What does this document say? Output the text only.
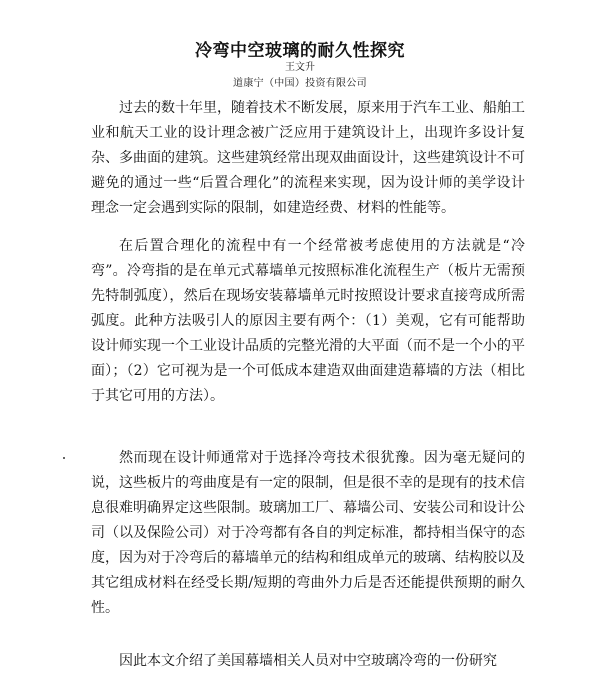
冷弯中空玻璃的耐久性探究
王文升
道康宁（中国）投资有限公司

过去的数十年里，随着技术不断发展，原来用于汽车工业、船舶工业和航天工业的设计理念被广泛应用于建筑设计上，出现许多设计复杂、多曲面的建筑。这些建筑经常出现双曲面设计，这些建筑设计不可避免的通过一些“后置合理化”的流程来实现，因为设计师的美学设计理念一定会遇到实际的限制，如建造经费、材料的性能等。

在后置合理化的流程中有一个经常被考虑使用的方法就是“冷弯”。冷弯指的是在单元式幕墙单元按照标准化流程生产（板片无需预先特制弧度），然后在现场安装幕墙单元时按照设计要求直接弯成所需弧度。此种方法吸引人的原因主要有两个：（1）美观，它有可能帮助设计师实现一个工业设计品质的完整光滑的大平面（而不是一个小的平面）；（2）它可视为是一个可低成本建造双曲面建造幕墙的方法（相比于其它可用的方法）。

然而现在设计师通常对于选择冷弯技术很犹豫。因为毫无疑问的说，这些板片的弯曲度是有一定的限制，但是很不幸的是现有的技术信息很难明确界定这些限制。玻璃加工厂、幕墙公司、安装公司和设计公司（以及保险公司）对于冷弯都有各自的判定标准，都持相当保守的态度，因为对于冷弯后的幕墙单元的结构和组成单元的玻璃、结构胶以及其它组成材料在经受长期/短期的弯曲外力后是否还能提供预期的耐久性。

因此本文介绍了美国幕墙相关人员对中空玻璃冷弯的一份研究
